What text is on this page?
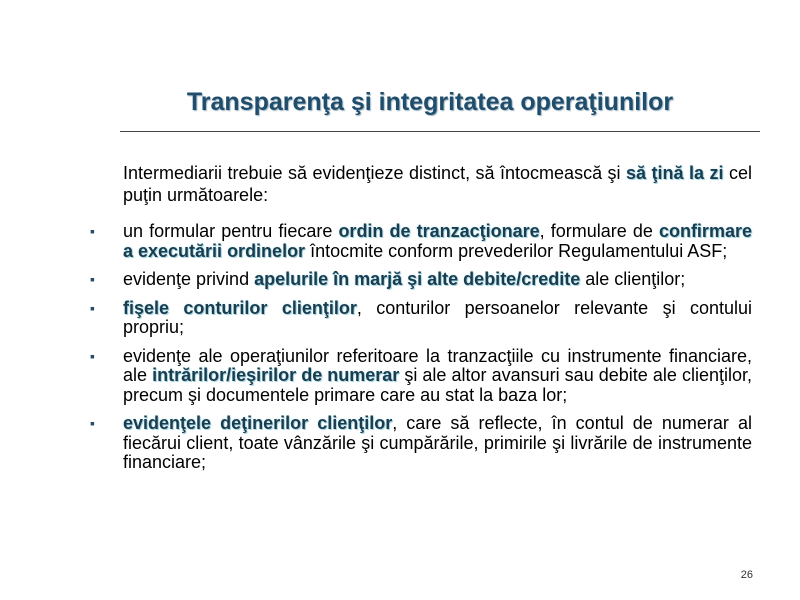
Transparenţa şi integritatea operaţiunilor
Intermediarii trebuie să evidenţieze distinct, să întocmească şi să ţină la zi cel puţin următoarele:
▪
un formular pentru fiecare ordin de tranzacţionare, formulare de confirmare a executării ordinelor întocmite conform prevederilor Regulamentului ASF;
▪
evidenţe privind apelurile în marjă şi alte debite/credite ale clienţilor;
▪
fişele conturilor clienţilor, conturilor persoanelor relevante şi contului propriu;
▪
evidenţe ale operaţiunilor referitoare la tranzacţiile cu instrumente financiare, ale intrărilor/ieşirilor de numerar şi ale altor avansuri sau debite ale clienţilor, precum şi documentele primare care au stat la baza lor;
▪
evidenţele deţinerilor clienţilor, care să reflecte, în contul de numerar al fiecărui client, toate vânzările şi cumpărările, primirile şi livrările de instrumente financiare;
26
